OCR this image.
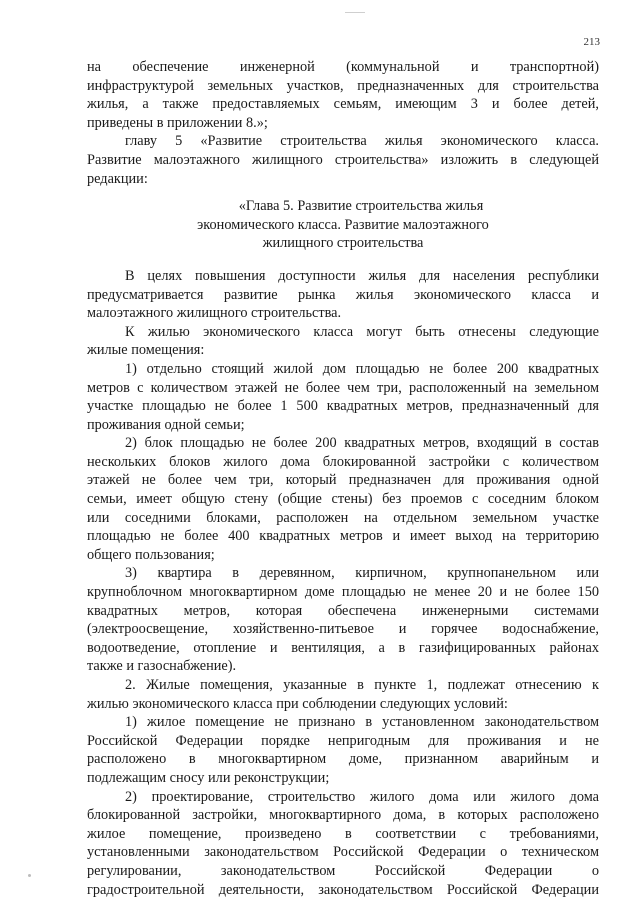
213
на обеспечение инженерной (коммунальной и транспортной)
инфраструктурой земельных участков, предназначенных для строительства
жилья, а также предоставляемых семьям, имеющим 3 и более детей,
приведены в приложении 8.»;
главу 5 «Развитие строительства жилья экономического класса.
Развитие малоэтажного жилищного строительства» изложить в следующей
редакции:
«Глава 5. Развитие строительства жилья
экономического класса. Развитие малоэтажного
жилищного строительства
В целях повышения доступности жилья для населения республики
предусматривается развитие рынка жилья экономического класса и
малоэтажного жилищного строительства.
К жилью экономического класса могут быть отнесены следующие
жилые помещения:
1) отдельно стоящий жилой дом площадью не более 200 квадратных
метров с количеством этажей не более чем три, расположенный на земельном
участке площадью не более 1 500 квадратных метров, предназначенный для
проживания одной семьи;
2) блок площадью не более 200 квадратных метров, входящий в состав
нескольких блоков жилого дома блокированной застройки с количеством
этажей не более чем три, который предназначен для проживания одной
семьи, имеет общую стену (общие стены) без проемов с соседним блоком
или соседними блоками, расположен на отдельном земельном участке
площадью не более 400 квадратных метров и имеет выход на территорию
общего пользования;
3) квартира в деревянном, кирпичном, крупнопанельном или
крупноблочном многоквартирном доме площадью не менее 20 и не более 150
квадратных метров, которая обеспечена инженерными системами
(электроосвещение, хозяйственно-питьевое и горячее водоснабжение,
водоотведение, отопление и вентиляция, а в газифицированных районах
также и газоснабжение).
2. Жилые помещения, указанные в пункте 1, подлежат отнесению к
жилью экономического класса при соблюдении следующих условий:
1) жилое помещение не признано в установленном законодательством
Российской Федерации порядке непригодным для проживания и не
расположено в многоквартирном доме, признанном аварийным и
подлежащим сносу или реконструкции;
2) проектирование, строительство жилого дома или жилого дома
блокированной застройки, многоквартирного дома, в которых расположено
жилое помещение, произведено в соответствии с требованиями,
установленными законодательством Российской Федерации о техническом
регулировании, законодательством Российской Федерации о
градостроительной деятельности, законодательством Российской Федерации
